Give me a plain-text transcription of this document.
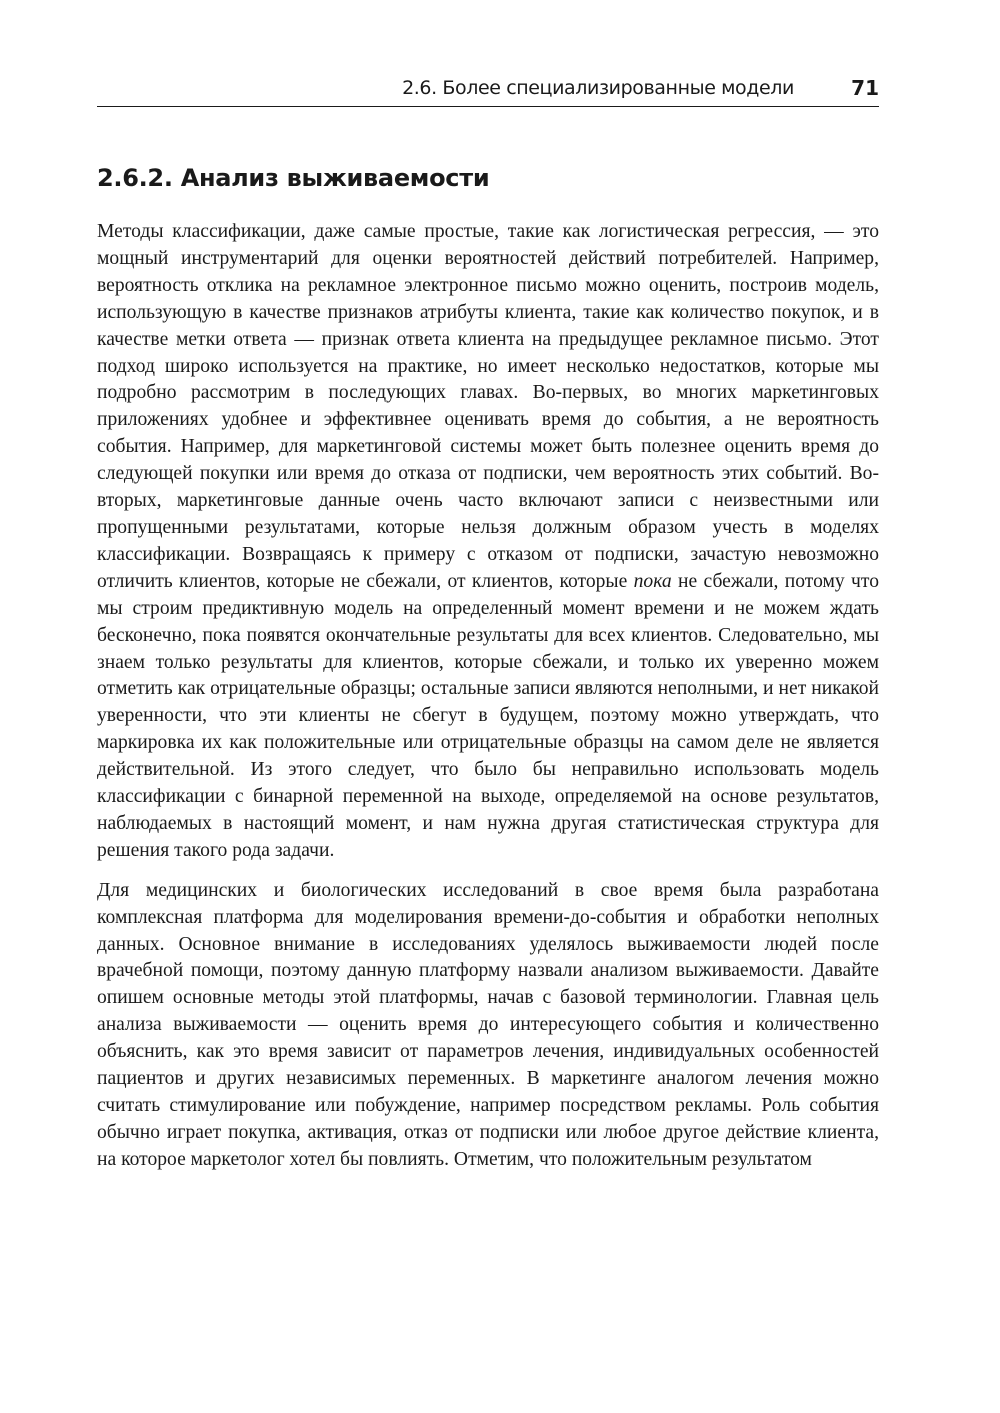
2.6. Более специализированные модели	71
2.6.2. Анализ выживаемости

Методы классификации, даже самые простые, такие как логистическая регрессия, — это мощный инструментарий для оценки вероятностей действий потребителей. Например, вероятность отклика на рекламное электронное письмо можно оценить, построив модель, использующую в качестве признаков атрибуты клиента, такие как количество покупок, и в качестве метки ответа — признак ответа клиента на предыдущее рекламное письмо. Этот подход широко используется на практике, но имеет несколько недостатков, которые мы подробно рассмотрим в последующих главах. Во-первых, во многих маркетинговых приложениях удобнее и эффективнее оценивать время до события, а не вероятность события. Например, для маркетинговой системы может быть полезнее оценить время до следующей покупки или время до отказа от подписки, чем вероятность этих событий. Во-вторых, маркетинговые данные очень часто включают записи с неизвестными или пропущенными результатами, которые нельзя должным образом учесть в моделях классификации. Возвращаясь к примеру с отказом от подписки, зачастую невозможно отличить клиентов, которые не сбежали, от клиентов, которые пока не сбежали, потому что мы строим предиктивную модель на определенный момент времени и не можем ждать бесконечно, пока появятся окончательные результаты для всех клиентов. Следовательно, мы знаем только результаты для клиентов, которые сбежали, и только их уверенно можем отметить как отрицательные образцы; остальные записи являются неполными, и нет никакой уверенности, что эти клиенты не сбегут в будущем, поэтому можно утверждать, что маркировка их как положительные или отрицательные образцы на самом деле не является действительной. Из этого следует, что было бы неправильно использовать модель классификации с бинарной переменной на выходе, определяемой на основе результатов, наблюдаемых в настоящий момент, и нам нужна другая статистическая структура для решения такого рода задачи.

Для медицинских и биологических исследований в свое время была разработана комплексная платформа для моделирования времени-до-события и обработки неполных данных. Основное внимание в исследованиях уделялось выживаемости людей после врачебной помощи, поэтому данную платформу назвали анализом выживаемости. Давайте опишем основные методы этой платформы, начав с базовой терминологии. Главная цель анализа выживаемости — оценить время до интересующего события и количественно объяснить, как это время зависит от параметров лечения, индивидуальных особенностей пациентов и других независимых переменных. В маркетинге аналогом лечения можно считать стимулирование или побуждение, например посредством рекламы. Роль события обычно играет покупка, активация, отказ от подписки или любое другое действие клиента, на которое маркетолог хотел бы повлиять. Отметим, что положительным результатом
